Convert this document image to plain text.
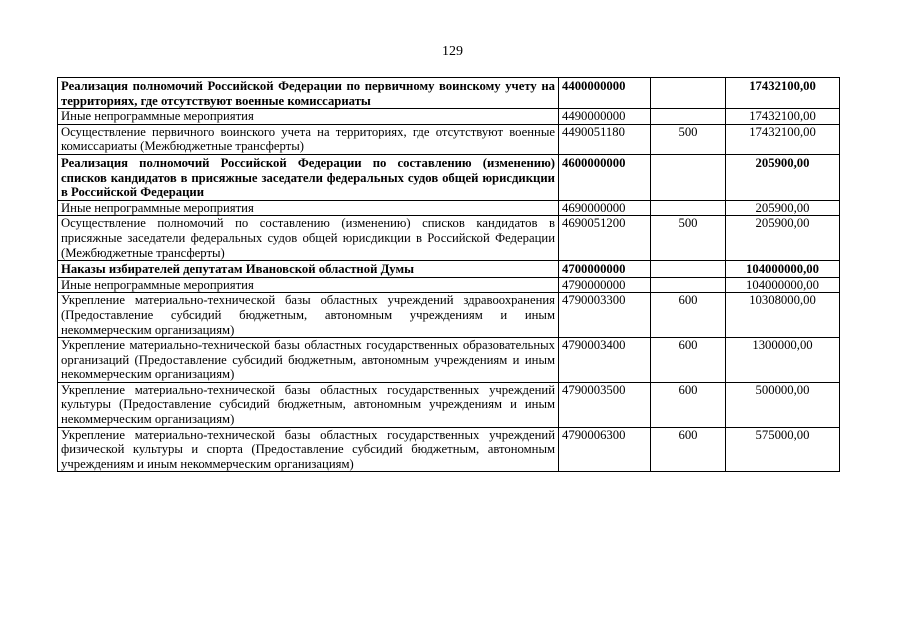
129
Реализация полномочий Российской Федерации по первичному воинскому учету на территориях, где отсутствуют военные комиссариаты	4400000000		17432100,00
Иные непрограммные мероприятия	4490000000		17432100,00
Осуществление первичного воинского учета на территориях, где отсутствуют военные комиссариаты (Межбюджетные трансферты)	4490051180	500	17432100,00
Реализация полномочий Российской Федерации по составлению (изменению) списков кандидатов в присяжные заседатели федеральных судов общей юрисдикции в Российской Федерации	4600000000		205900,00
Иные непрограммные мероприятия	4690000000		205900,00
Осуществление полномочий по составлению (изменению) списков кандидатов в присяжные заседатели федеральных судов общей юрисдикции в Российской Федерации (Межбюджетные трансферты)	4690051200	500	205900,00
Наказы избирателей депутатам Ивановской областной Думы	4700000000		104000000,00
Иные непрограммные мероприятия	4790000000		104000000,00
Укрепление материально-технической базы областных учреждений здравоохранения (Предоставление субсидий бюджетным, автономным учреждениям и иным некоммерческим организациям)	4790003300	600	10308000,00
Укрепление материально-технической базы областных государственных образовательных организаций (Предоставление субсидий бюджетным, автономным учреждениям и иным некоммерческим организациям)	4790003400	600	1300000,00
Укрепление материально-технической базы областных государственных учреждений культуры (Предоставление субсидий бюджетным, автономным учреждениям и иным некоммерческим организациям)	4790003500	600	500000,00
Укрепление материально-технической базы областных государственных учреждений физической культуры и спорта (Предоставление субсидий бюджетным, автономным учреждениям и иным некоммерческим организациям)	4790006300	600	575000,00
